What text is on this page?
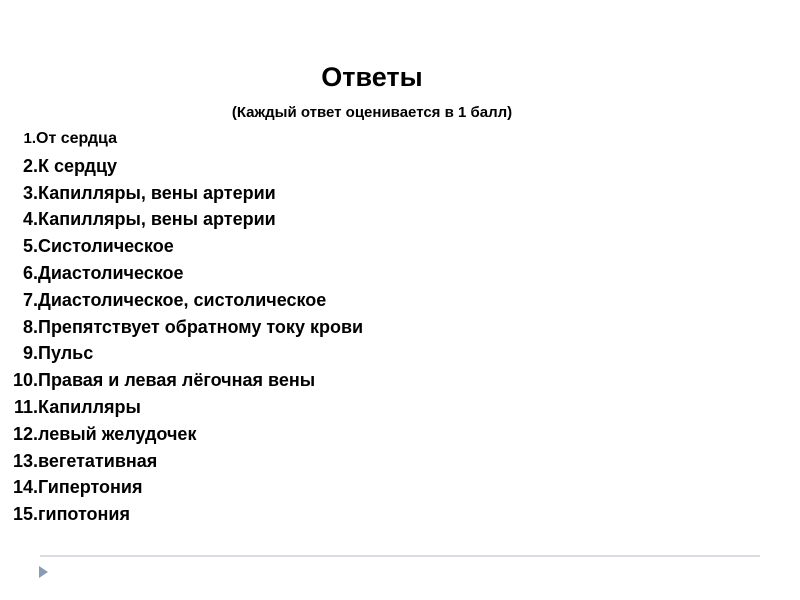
Ответы
(Каждый ответ оценивается в 1 балл)
1.От сердца
2.К сердцу
3.Капилляры, вены артерии
4.Капилляры, вены артерии
5.Систолическое
6.Диастолическое
7.Диастолическое, систолическое
8.Препятствует обратному току крови
9.Пульс
10.Правая и левая лёгочная вены
11.Капилляры
12.левый желудочек
13.вегетативная
14.Гипертония
15.гипотония
